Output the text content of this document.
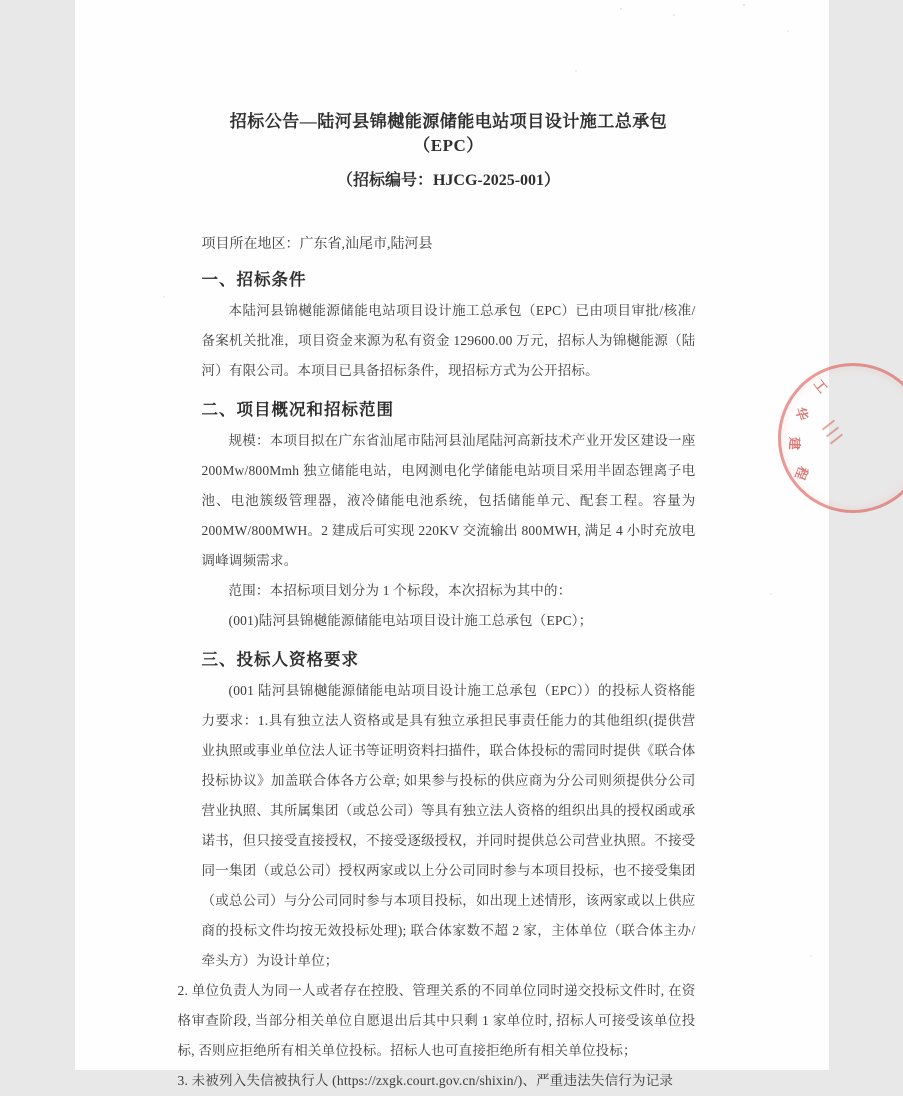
招标公告—陆河县锦樾能源储能电站项目设计施工总承包（EPC）
（招标编号：HJCG-2025-001）

项目所在地区：广东省,汕尾市,陆河县

一、招标条件

本陆河县锦樾能源储能电站项目设计施工总承包（EPC）已由项目审批/核准/备案机关批准，项目资金来源为私有资金 129600.00 万元，招标人为锦樾能源（陆河）有限公司。本项目已具备招标条件，现招标方式为公开招标。

二、项目概况和招标范围

规模：本项目拟在广东省汕尾市陆河县汕尾陆河高新技术产业开发区建设一座 200Mw/800Mmh 独立储能电站，电网测电化学储能电站项目采用半固态锂离子电池、电池簇级管理器，液冷储能电池系统，包括储能单元、配套工程。容量为 200MW/800MWH。2 建成后可实现 220KV 交流输出 800MWH, 满足 4 小时充放电调峰调频需求。

范围：本招标项目划分为 1 个标段，本次招标为其中的：

(001)陆河县锦樾能源储能电站项目设计施工总承包（EPC）；

三、投标人资格要求

(001 陆河县锦樾能源储能电站项目设计施工总承包（EPC））的投标人资格能力要求：1.具有独立法人资格或是具有独立承担民事责任能力的其他组织(提供营业执照或事业单位法人证书等证明资料扫描件，联合体投标的需同时提供《联合体投标协议》加盖联合体各方公章; 如果参与投标的供应商为分公司则须提供分公司营业执照、其所属集团（或总公司）等具有独立法人资格的组织出具的授权函或承诺书，但只接受直接授权，不接受逐级授权，并同时提供总公司营业执照。不接受同一集团（或总公司）授权两家或以上分公司同时参与本项目投标，也不接受集团（或总公司）与分公司同时参与本项目投标，如出现上述情形，该两家或以上供应商的投标文件均按无效投标处理); 联合体家数不超 2 家，主体单位（联合体主办/牵头方）为设计单位；

2. 单位负责人为同一人或者存在控股、管理关系的不同单位同时递交投标文件时, 在资格审查阶段, 当部分相关单位自愿退出后其中只剩 1 家单位时, 招标人可接受该单位投标, 否则应拒绝所有相关单位投标。招标人也可直接拒绝所有相关单位投标；

3. 未被列入失信被执行人 (https://zxgk.court.gov.cn/shixin/)、严重违法失信行为记录

工
华
建
程
